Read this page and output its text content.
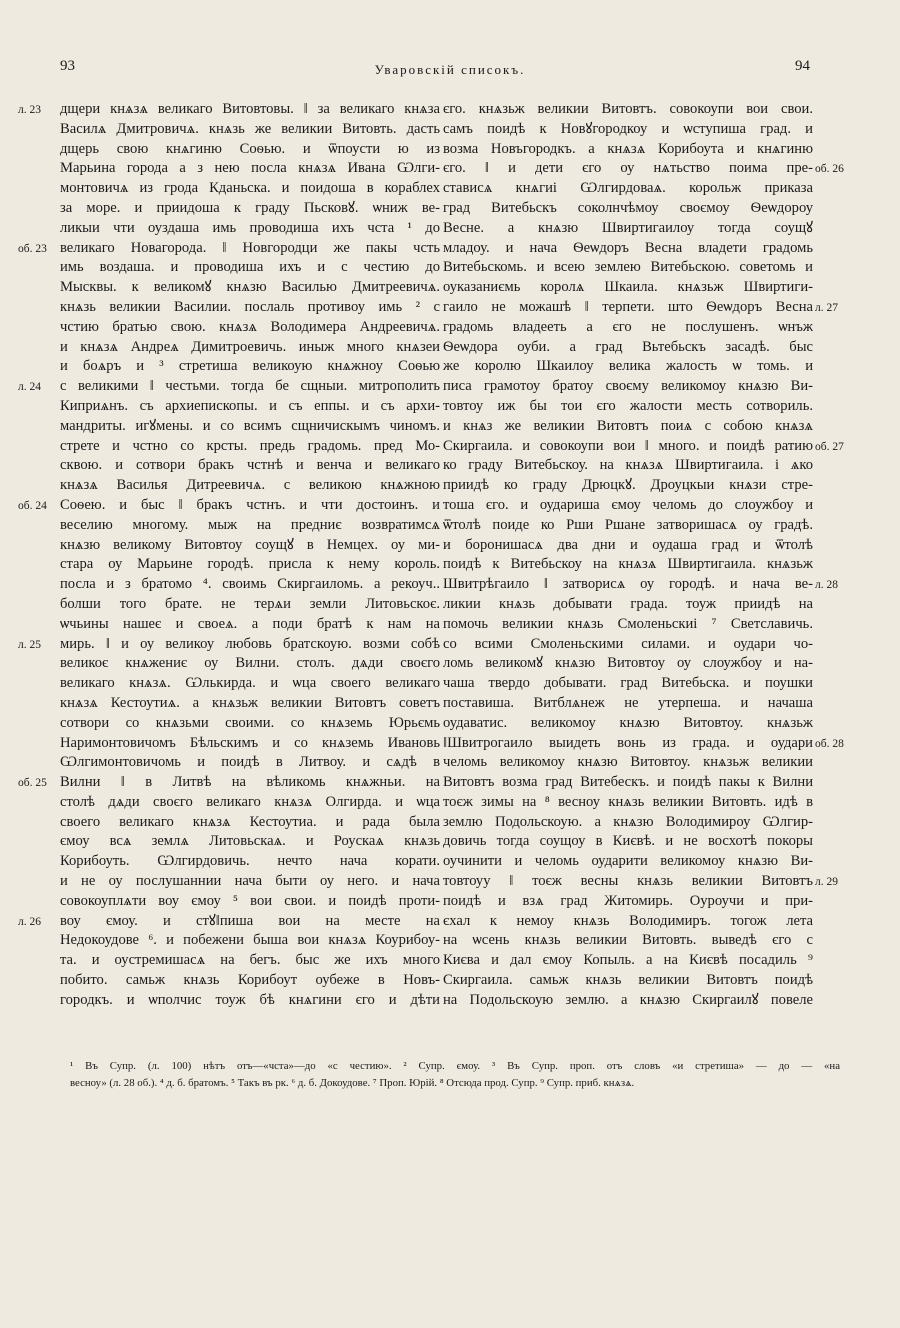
93	Уваровскій списокъ.	94
дщери кнѧзѧ великаго Витовтовы. ‖ за великаго кнѧза
л. 23
Василѧ Дмитровичѧ. кнѧзь же великии Витовть. дасть
дщерь свою кнѧгиню Соѳью. и ѿпоусти ю из
Марьина города а з нею посла кнѧзѧ Ивана Ѡлги-
монтовичѧ из грода Кданьска. и поидоша в кораблех
за море. и приидоша к граду Пьсковꙋ. ѡниж ве-
ликыи чти оуздаша имь проводиша ихъ чста ¹ до
великаго Новагорода. ‖ Новгородци же пакы чсть
об. 23
имь воздаша. и проводиша ихъ и с честию до
Мысквы. к великомꙋ кнѧзю Василью Дмитреевичѧ.
кнѧзь великии Василии. послаль противоу имь ² с
чстию братью свою. кнѧзѧ Володимера Андреевичѧ.
и кнѧзѧ Андреѧ Димитроевичь. иныж много кнѧзеи
и боѧръ и ³ стретиша великоую кнѧжноу Соѳью
с великими ‖ честьми. тогда бе сщныи. митрополить
л. 24
Киприѧнъ. съ архиепископы. и съ еппы. и съ архи-
мандриты. игꙋмены. и со всимъ сщничискымъ чиномъ.
стрете и чстно со крсты. предь градомь. пред Мо-
сквою. и сотвори бракъ чстнѣ и венча и великаго
кнѧзѧ Василья Дитреевичѧ. с великою кнѧжною
Соѳею. и быс ‖ бракъ чстнъ. и чти достоинъ. и
об. 24
веселию многому. мыж на предниє возвратимсѧ
кнѧзю великому Витовтоу соущꙋ в Немцех. оу ми-
стара оу Марьине городѣ. присла к нему король.
посла и з братомо ⁴. своимь Скиргаиломь. а рекоуч..
болши того брате. не терѧи земли Литовьскоє.
ѡчьины нашеє и своеѧ. а поди братѣ к нам на
мирь. ‖ и оу великоу любовь братскоую. возми собѣ
л. 25
великоє кнѧжениє оу Вилни. столъ. дѧди своєго
великаго кнѧзѧ. Ѡлькирда. и ѡца своего великаго
кнѧзѧ Кестоутиѧ. а кнѧзьж великии Витовтъ советъ
сотвори со кнѧзьми своими. со кнѧземь Юрьємь
Наримонтовичомъ Бѣльскимъ и со кнѧземь Ивановь
Ѡлгимонтовичомь и поидѣ в Литвоу. и сѧдѣ в
Вилни ‖ в Литвѣ на вѣликомь кнѧжньи. на
об. 25
столѣ дѧди своєго великаго кнѧзѧ Олгирда. и ѡца
своего великаго кнѧзѧ Кестоутиа. и рада была
ємоу всѧ землѧ Литовьскаѧ. и Роускаѧ кнѧзь
Корибоуть. Ѡлгирдовичь. нечто нача корати.
и не оу послушаннии нача быти оу него. и нача
совокоуплѧти воу ємоу ⁵ вои свои. и поидѣ проти-
воу ємоу. и стꙋ‖пиша вои на месте на
л. 26
Недокоудове ⁶. и побежени быша вои кнѧзѧ Коурибоу-
та. и оустремишасѧ на бегъ. быс же ихъ много
побито. самьж кнѧзь Корибоут оубеже в Новъ-
городкъ. и ѡполчис тоуж бѣ кнѧгини єго и дѣти
єго. кнѧзьж великии Витовтъ. совокоупи вои свои.
самъ поидѣ к Новꙋгородкоу и ѡступиша град. и
возма Новъгородкъ. а кнѧзѧ Корибоута и кнѧгиню
єго. ‖ и дети єго оу нѧтьство поима пре- об. 26
стависѧ кнѧгиі Ѡлгирдоваѧ. корольж приказа
град Витебьскъ соколнчѣмоу своємоу Ѳеѡдороу
Весне. а кнѧзю Швиртигаилоу тогда соущꙋ
младоу. и нача Ѳеѡдоръ Весна владети градомь
Витебьскомь. и всею землею Витебьскою. советомь и
оуказаниємь королѧ Шкаила. кнѧзьж Швиртиги-
гаило не можашѣ ‖ терпети. што Ѳеѡдоръ Весна л. 27
градомь владееть а єго не послушенъ. ѡнъж
Ѳеѡдора оуби. а град Вьтебьскъ засадѣ. быс
же королю Шкаилоу велика жалость ѡ томь. и
писа грамотоу братоу своєму великомоу кнѧзю Ви-
товтоу иж бы тои єго жалости месть сотвориль.
и кнѧз же великии Витовтъ поиѧ с собою кнѧзѧ
Скиргаила. и совокоупи вои ‖ много. и поидѣ ратию об. 27
ко граду Витебьскоу. на кнѧзѧ Швиртигаила. і ѧко
приидѣ ко граду Дрюцкꙋ. Дроуцкыи кнѧзи стре-
тоша єго. и оудариша ємоу челомь до слоужбоу и
ѿтолѣ поиде ко Рши Ршане затворишасѧ оу градѣ.
и боронишасѧ два дни и оудаша град и ѿтолѣ
поидѣ к Витебьскоу на кнѧзѧ Швиртигаила. кнѧзьж
Швитрѣгаило ‖ затворисѧ оу городѣ. и нача ве- л. 28
ликии кнѧзь добывати града. тоуж приидѣ на
помочь великии кнѧзь Смоленьскиі ⁷ Светславичь.
со всими Смоленьскими силами. и оудари чо-
ломь великомꙋ кнѧзю Витовтоу оу слоужбоу и на-
чаша твердо добывати. град Витебьска. и поушки
поставиша. Витблѧнеж не утерпеша. и начаша
оудаватис. великомоу кнѧзю Витовтоу. кнѧзьж
‖Швитрогаило выидеть вонь из града. и оудари об. 28
челомь великомоу кнѧзю Витовтоу. кнѧзьж великии
Витовтъ возма град Витебескъ. и поидѣ пакы к Вилни
тоєж зимы на ⁸ весноу кнѧзь великии Витовть. идѣ в
землю Подольскоую. а кнѧзю Володимироу Ѡлгир-
довичь тогда соущоу в Києвѣ. и не восхотѣ покоры
оучинити и челомь оударити великомоу кнѧзю Ви-
товтоуу ‖ тоєж весны кнѧзь великии Витовтъ л. 29
поидѣ и взѧ град Житомирь. Оуроучи и при-
єхал к немоу кнѧзь Володимиръ. тогож лета
на ѡсень кнѧзь великии Витовть. выведѣ єго с
Києва и дал ємоу Копыль. а на Києвѣ посадиль ⁹
Скиргаила. самьж кнѧзь великии Витовтъ поидѣ
на Подольскоую землю. а кнѧзю Скиргаилꙋ повеле
¹ Въ Супр. (л. 100) нѣтъ отъ—«чста»—до «с честию». ² Супр. ємоу. ³ Въ Супр. проп. отъ словъ «и стретиша» — до — «на
весноу» (л. 28 об.). ⁴ д. б. братомъ. ⁵ Такъ въ рк. ⁶ д. б. Докоудове. ⁷ Проп. Юрій. ⁸ Отсюда прод. Супр. ⁹ Супр. приб. кнѧзѧ.
